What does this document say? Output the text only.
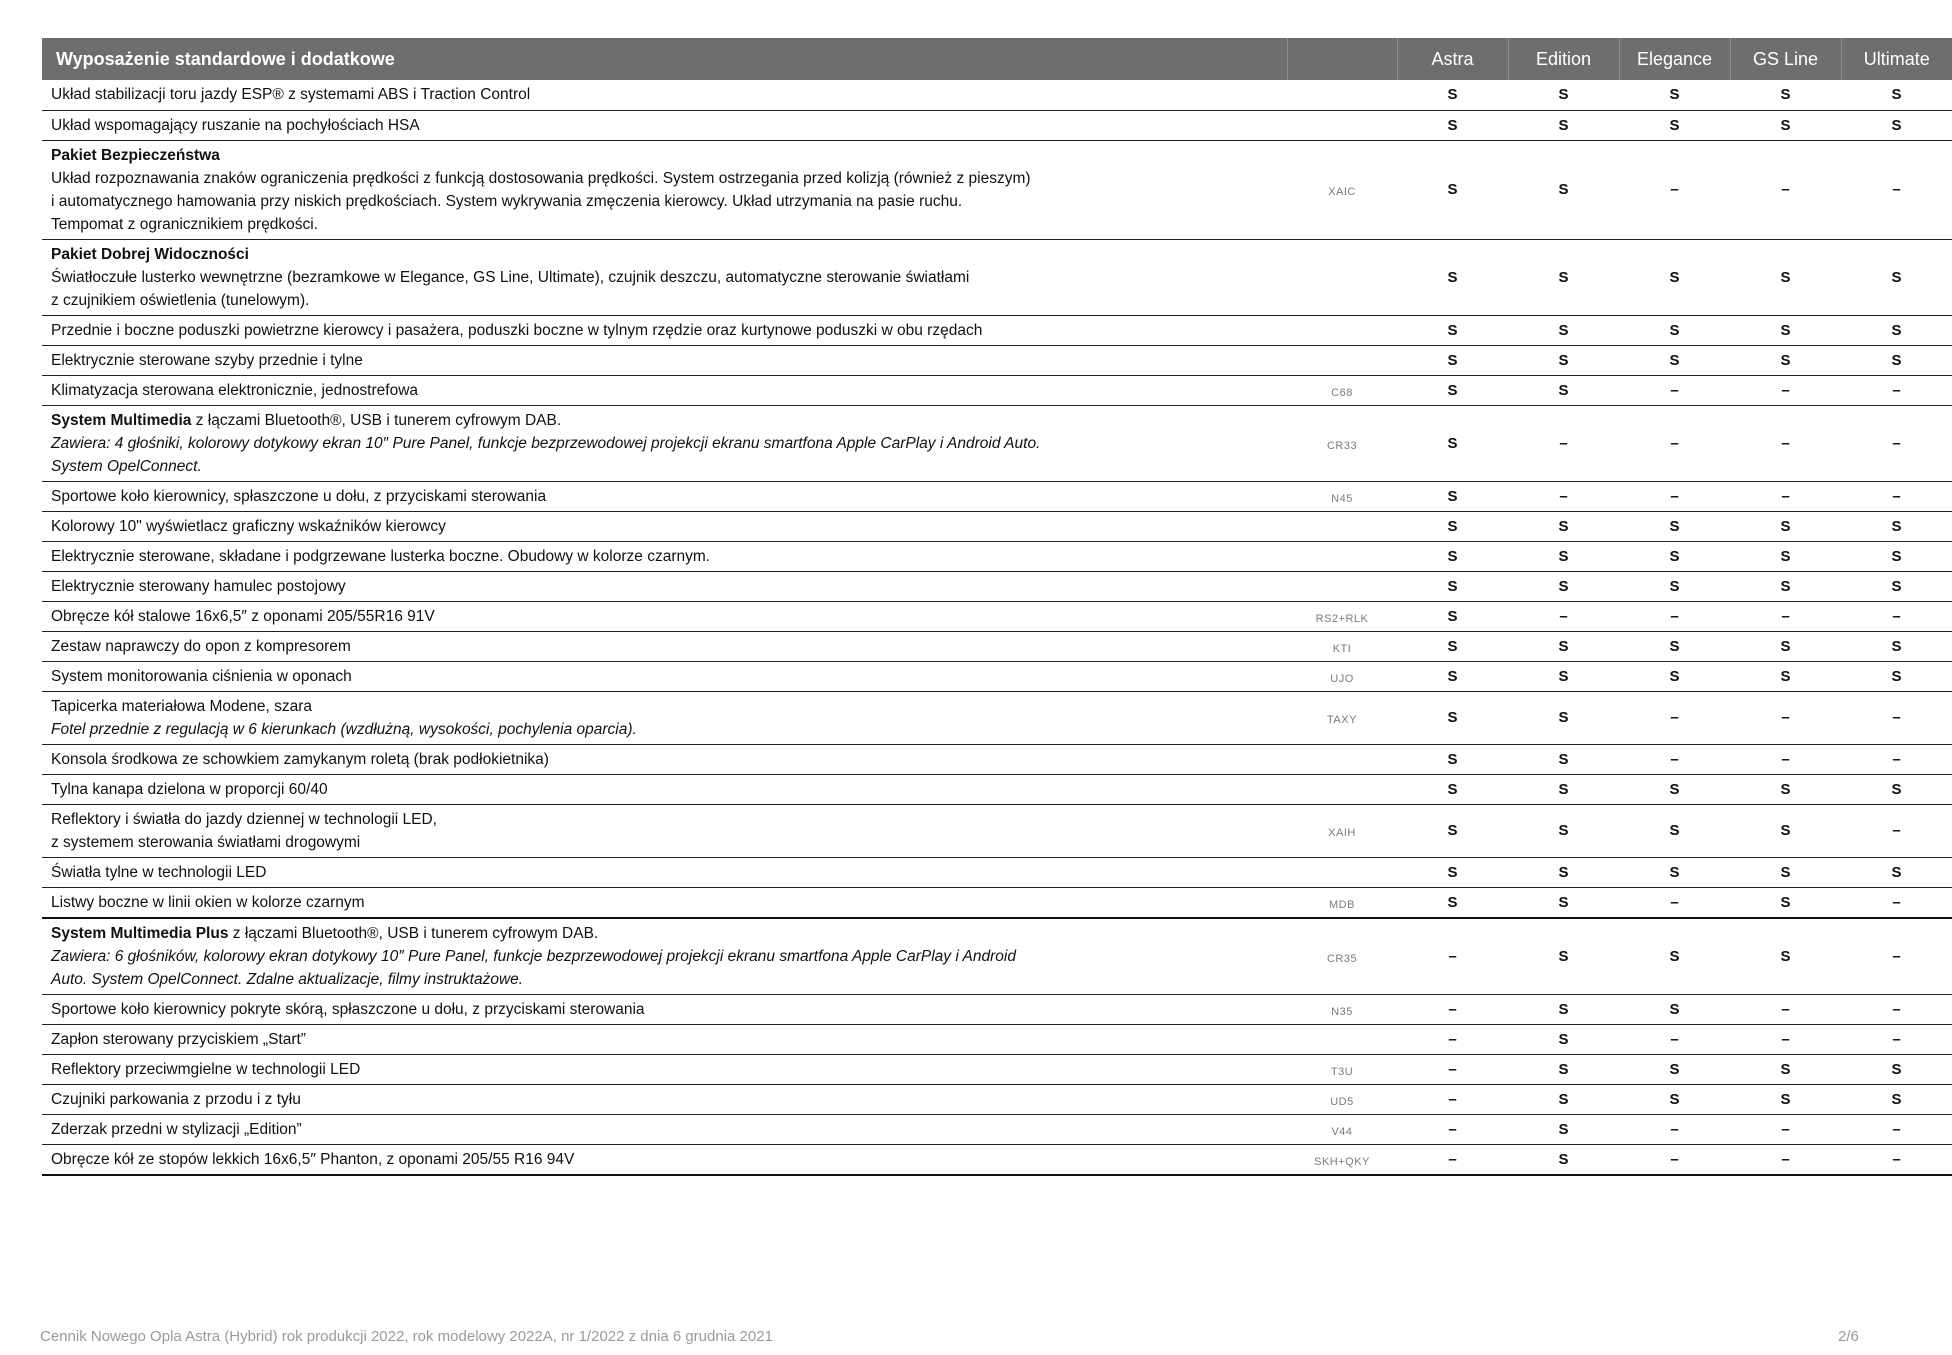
Wyposażenie standardowe i dodatkowe		Astra	Edition	Elegance	GS Line	Ultimate

Układ stabilizacji toru jazdy ESP® z systemami ABS i Traction Control		S	S	S	S	S

Układ wspomagający ruszanie na pochyłościach HSA		S	S	S	S	S

Pakiet Bezpieczeństwa
Układ rozpoznawania znaków ograniczenia prędkości z funkcją dostosowania prędkości. System ostrzegania przed kolizją (również z pieszym)
i automatycznego hamowania przy niskich prędkościach. System wykrywania zmęczenia kierowcy. Układ utrzymania na pasie ruchu.
Tempomat z ogranicznikiem prędkości.	XAIC	S	S	–	–	–

Pakiet Dobrej Widoczności
Światłoczułe lusterko wewnętrzne (bezramkowe w Elegance, GS Line, Ultimate), czujnik deszczu, automatyczne sterowanie światłami
z czujnikiem oświetlenia (tunelowym).		S	S	S	S	S

Przednie i boczne poduszki powietrzne kierowcy i pasażera, poduszki boczne w tylnym rzędzie oraz kurtynowe poduszki w obu rzędach		S	S	S	S	S

Elektrycznie sterowane szyby przednie i tylne		S	S	S	S	S

Klimatyzacja sterowana elektronicznie, jednostrefowa	C68	S	S	–	–	–

System Multimedia z łączami Bluetooth®, USB i tunerem cyfrowym DAB.
Zawiera: 4 głośniki, kolorowy dotykowy ekran 10″ Pure Panel, funkcje bezprzewodowej projekcji ekranu smartfona Apple CarPlay i Android Auto.
System OpelConnect.	CR33	S	–	–	–	–

Sportowe koło kierownicy, spłaszczone u dołu, z przyciskami sterowania	N45	S	–	–	–	–

Kolorowy 10" wyświetlacz graficzny wskaźników kierowcy		S	S	S	S	S

Elektrycznie sterowane, składane i podgrzewane lusterka boczne. Obudowy w kolorze czarnym.		S	S	S	S	S

Elektrycznie sterowany hamulec postojowy		S	S	S	S	S

Obręcze kół stalowe 16x6,5″ z oponami 205/55R16 91V	RS2+RLK	S	–	–	–	–

Zestaw naprawczy do opon z kompresorem	KTI	S	S	S	S	S

System monitorowania ciśnienia w oponach	UJO	S	S	S	S	S

Tapicerka materiałowa Modene, szara
Fotel przednie z regulacją w 6 kierunkach (wzdłużną, wysokości, pochylenia oparcia).	TAXY	S	S	–	–	–

Konsola środkowa ze schowkiem zamykanym roletą (brak podłokietnika)		S	S	–	–	–

Tylna kanapa dzielona w proporcji 60/40		S	S	S	S	S

Reflektory i światła do jazdy dziennej w technologii LED,
z systemem sterowania światłami drogowymi	XAIH	S	S	S	S	–

Światła tylne w technologii LED		S	S	S	S	S

Listwy boczne w linii okien w kolorze czarnym	MDB	S	S	–	S	–

System Multimedia Plus z łączami Bluetooth®, USB i tunerem cyfrowym DAB.
Zawiera: 6 głośników, kolorowy ekran dotykowy 10″ Pure Panel, funkcje bezprzewodowej projekcji ekranu smartfona Apple CarPlay i Android
Auto. System OpelConnect. Zdalne aktualizacje, filmy instruktażowe.	CR35	–	S	S	S	–

Sportowe koło kierownicy pokryte skórą, spłaszczone u dołu, z przyciskami sterowania	N35	–	S	S	–	–

Zapłon sterowany przyciskiem „Start”		–	S	–	–	–

Reflektory przeciwmgielne w technologii LED	T3U	–	S	S	S	S

Czujniki parkowania z przodu i z tyłu	UD5	–	S	S	S	S

Zderzak przedni w stylizacji „Edition”	V44	–	S	–	–	–

Obręcze kół ze stopów lekkich 16x6,5″ Phanton, z oponami 205/55 R16 94V	SKH+QKY	–	S	–	–	–
Cennik Nowego Opla Astra (Hybrid) rok produkcji 2022, rok modelowy 2022A, nr 1/2022 z dnia 6 grudnia 2021	2/6
